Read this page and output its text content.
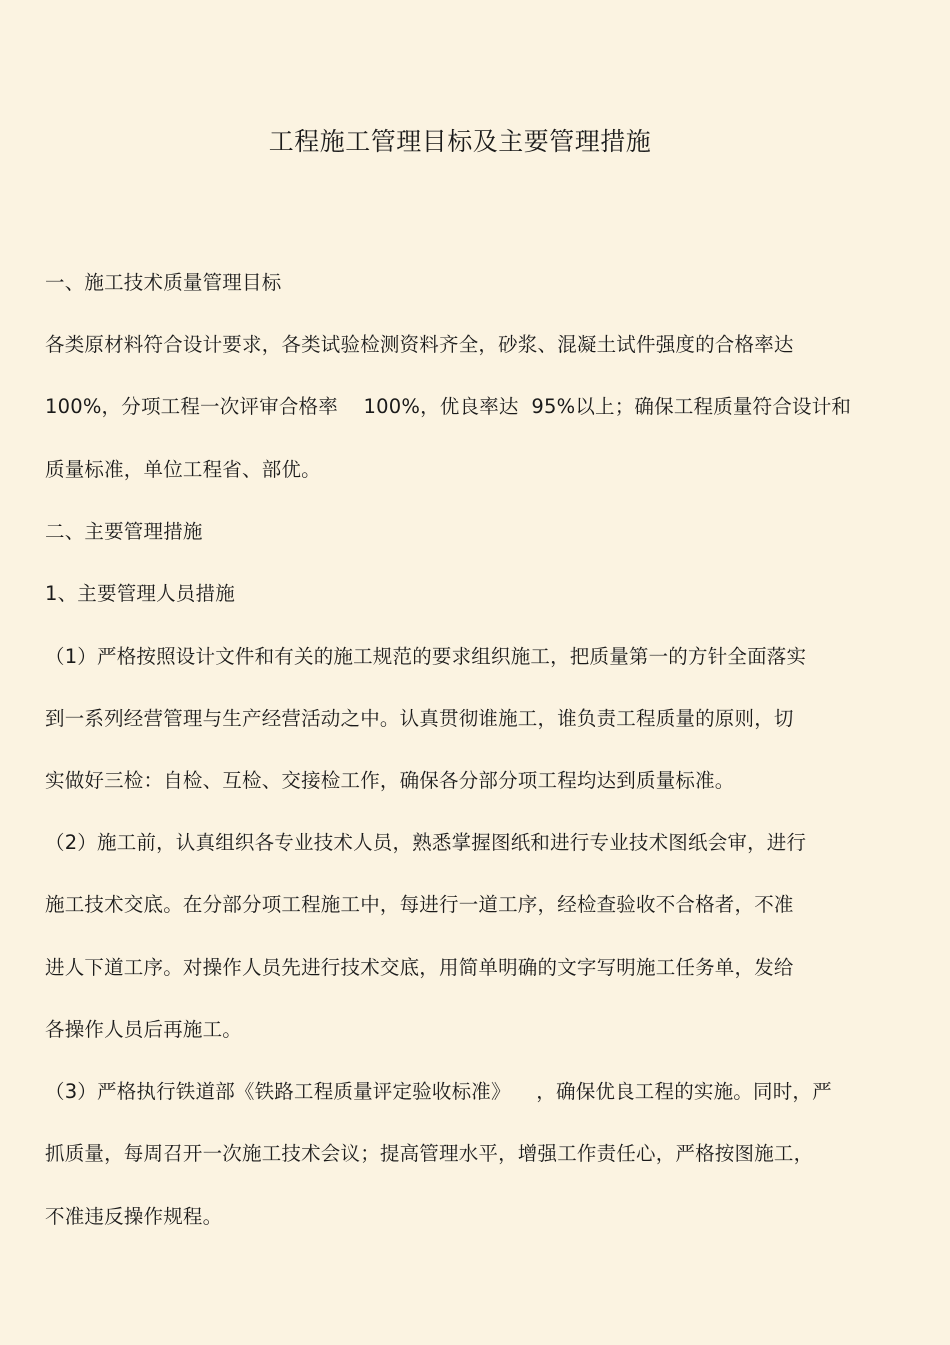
工程施工管理目标及主要管理措施
一、施工技术质量管理目标
各类原材料符合设计要求，各类试验检测资料齐全，砂浆、混凝土试件强度的合格率达
100%，分项工程一次评审合格率    100%，优良率达  95%以上；确保工程质量符合设计和
质量标准，单位工程省、部优。
二、主要管理措施
1、主要管理人员措施
（1）严格按照设计文件和有关的施工规范的要求组织施工，把质量第一的方针全面落实
到一系列经营管理与生产经营活动之中。认真贯彻谁施工，谁负责工程质量的原则，切
实做好三检：自检、互检、交接检工作，确保各分部分项工程均达到质量标准。
（2）施工前，认真组织各专业技术人员，熟悉掌握图纸和进行专业技术图纸会审，进行
施工技术交底。在分部分项工程施工中，每进行一道工序，经检查验收不合格者，不准
进人下道工序。对操作人员先进行技术交底，用简单明确的文字写明施工任务单，发给
各操作人员后再施工。
（3）严格执行铁道部《铁路工程质量评定验收标准》    ，确保优良工程的实施。同时，严
抓质量，每周召开一次施工技术会议；提高管理水平，增强工作责任心，严格按图施工，
不准违反操作规程。
